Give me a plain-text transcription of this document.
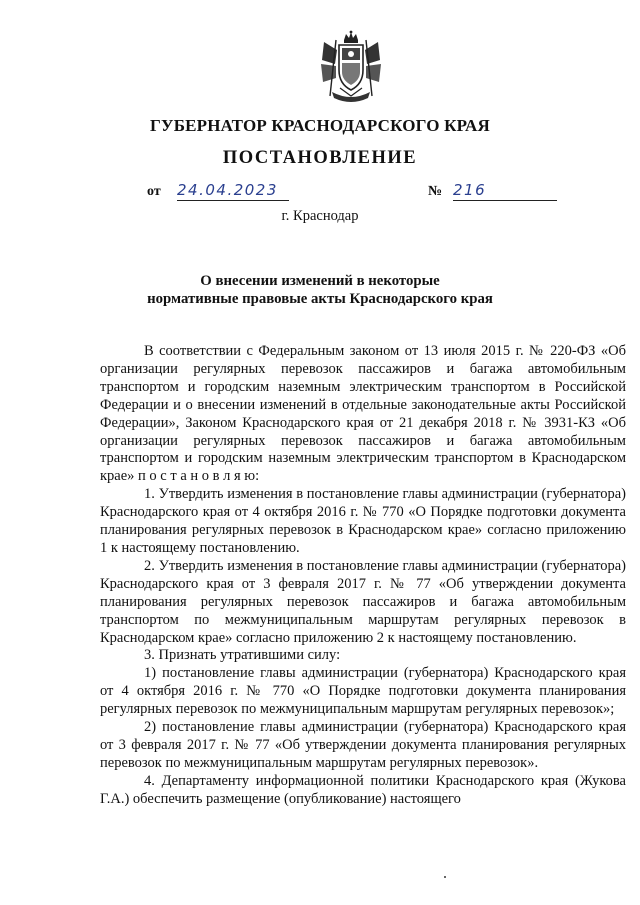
ГУБЕРНАТОР КРАСНОДАРСКОГО КРАЯ
ПОСТАНОВЛЕНИЕ
от 24.04.2023	№ 216
г. Краснодар
О внесении изменений в некоторые
нормативные правовые акты Краснодарского края

В соответствии с Федеральным законом от 13 июля 2015 г. № 220-ФЗ «Об организации регулярных перевозок пассажиров и багажа автомобильным транспортом и городским наземным электрическим транспортом в Российской Федерации и о внесении изменений в отдельные законодательные акты Российской Федерации», Законом Краснодарского края от 21 декабря 2018 г. № 3931-КЗ «Об организации регулярных перевозок пассажиров и багажа автомобильным транспортом и городским наземным электрическим транспортом в Краснодарском крае» п о с т а н о в л я ю:

1. Утвердить изменения в постановление главы администрации (губернатора) Краснодарского края от 4 октября 2016 г. № 770 «О Порядке подготовки документа планирования регулярных перевозок в Краснодарском крае» согласно приложению 1 к настоящему постановлению.

2. Утвердить изменения в постановление главы администрации (губернатора) Краснодарского края от 3 февраля 2017 г. № 77 «Об утверждении документа планирования регулярных перевозок пассажиров и багажа автомобильным транспортом по межмуниципальным маршрутам регулярных перевозок в Краснодарском крае» согласно приложению 2 к настоящему постановлению.

3. Признать утратившими силу:

1) постановление главы администрации (губернатора) Краснодарского края от 4 октября 2016 г. № 770 «О Порядке подготовки документа планирования регулярных перевозок по межмуниципальным маршрутам регулярных перевозок»;

2) постановление главы администрации (губернатора) Краснодарского края от 3 февраля 2017 г. № 77 «Об утверждении документа планирования регулярных перевозок по межмуниципальным маршрутам регулярных перевозок».

4. Департаменту информационной политики Краснодарского края (Жукова Г.А.) обеспечить размещение (опубликование) настоящего
